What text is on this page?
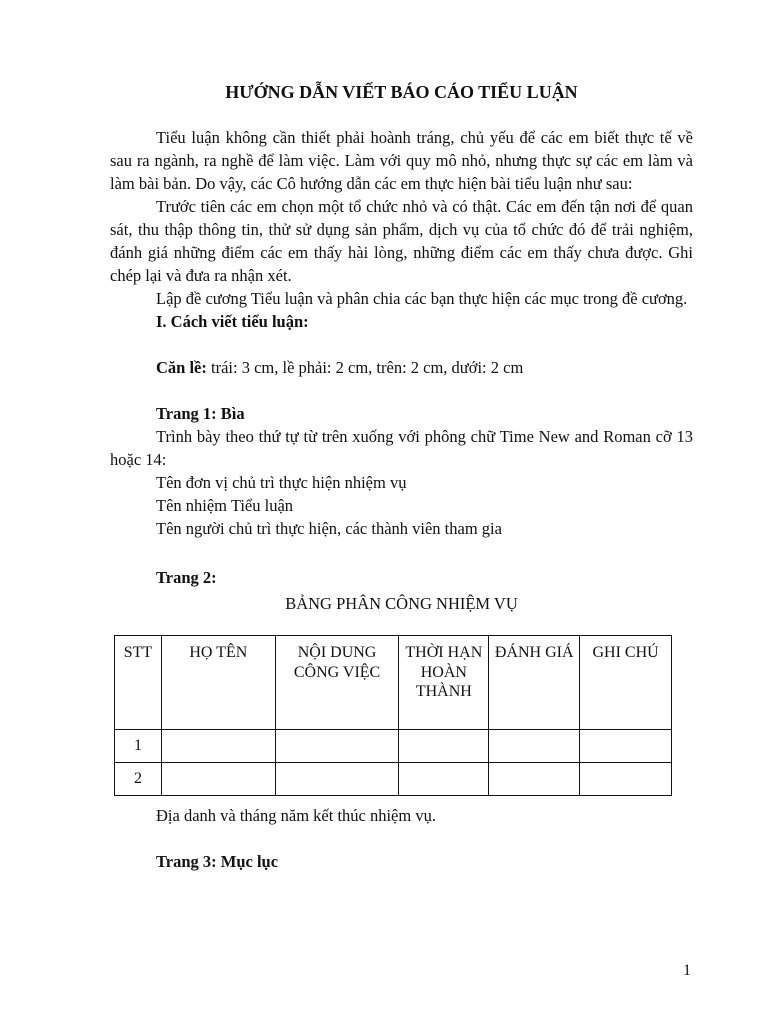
HƯỚNG DẪN VIẾT BÁO CÁO TIỂU LUẬN

Tiểu luận không cần thiết phải hoành tráng, chủ yếu để các em biết thực tế về sau ra ngành, ra nghề để làm việc. Làm với quy mô nhỏ, nhưng thực sự các em làm và làm bài bản. Do vậy, các Cô hướng dẫn các em thực hiện bài tiểu luận như sau:

Trước tiên các em chọn một tổ chức nhỏ và có thật. Các em đến tận nơi để quan sát, thu thập thông tin, thử sử dụng sản phẩm, dịch vụ của tổ chức đó để trải nghiệm, đánh giá những điểm các em thấy hài lòng, những điểm các em thấy chưa được. Ghi chép lại và đưa ra nhận xét.

Lập đề cương Tiểu luận và phân chia các bạn thực hiện các mục trong đề cương.

I. Cách viết tiểu luận:

Căn lề: trái: 3 cm, lề phải: 2 cm, trên: 2 cm, dưới: 2 cm

Trang 1: Bìa

Trình bày theo thứ tự từ trên xuống với phông chữ Time New and Roman cỡ 13 hoặc 14:

Tên đơn vị chủ trì thực hiện nhiệm vụ

Tên nhiệm Tiểu luận

Tên người chủ trì thực hiện, các thành viên tham gia

Trang 2:

BẢNG PHÂN CÔNG NHIỆM VỤ

STT	HỌ TÊN	NỘI DUNG CÔNG VIỆC	THỜI HẠN HOÀN THÀNH	ĐÁNH GIÁ	GHI CHÚ
1					
2					

Địa danh và tháng năm kết thúc nhiệm vụ.

Trang 3: Mục lục

1
